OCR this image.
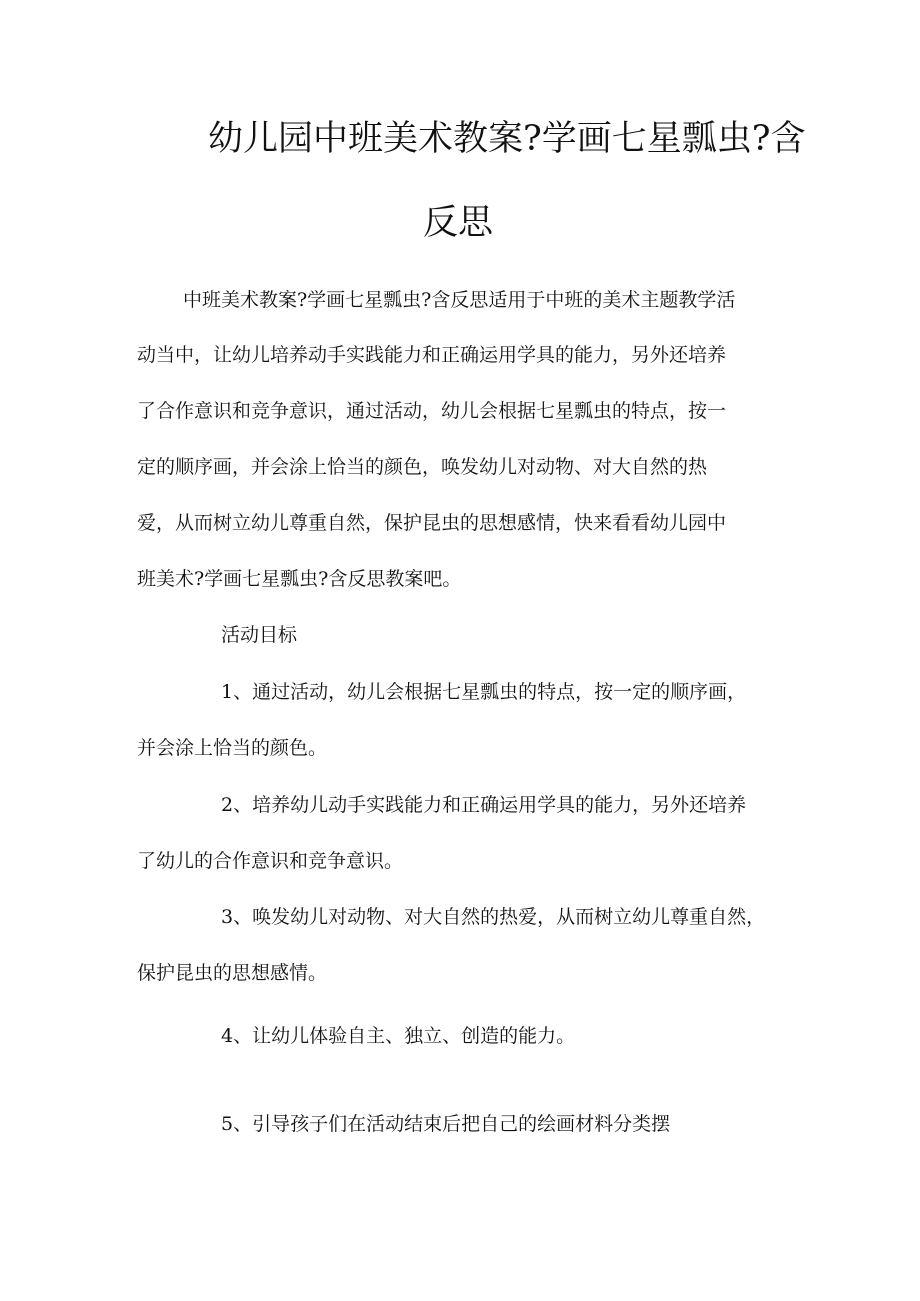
幼儿园中班美术教案?学画七星瓢虫?含
反思
中班美术教案?学画七星瓢虫?含反思适用于中班的美术主题教学活
动当中，让幼儿培养动手实践能力和正确运用学具的能力，另外还培养
了合作意识和竞争意识，通过活动，幼儿会根据七星瓢虫的特点，按一
定的顺序画，并会涂上恰当的颜色，唤发幼儿对动物、对大自然的热
爱，从而树立幼儿尊重自然，保护昆虫的思想感情，快来看看幼儿园中
班美术?学画七星瓢虫?含反思教案吧。
活动目标
1、通过活动，幼儿会根据七星瓢虫的特点，按一定的顺序画，
并会涂上恰当的颜色。
2、培养幼儿动手实践能力和正确运用学具的能力，另外还培养
了幼儿的合作意识和竞争意识。
3、唤发幼儿对动物、对大自然的热爱，从而树立幼儿尊重自然，
保护昆虫的思想感情。
4、让幼儿体验自主、独立、创造的能力。
5、引导孩子们在活动结束后把自己的绘画材料分类摆
